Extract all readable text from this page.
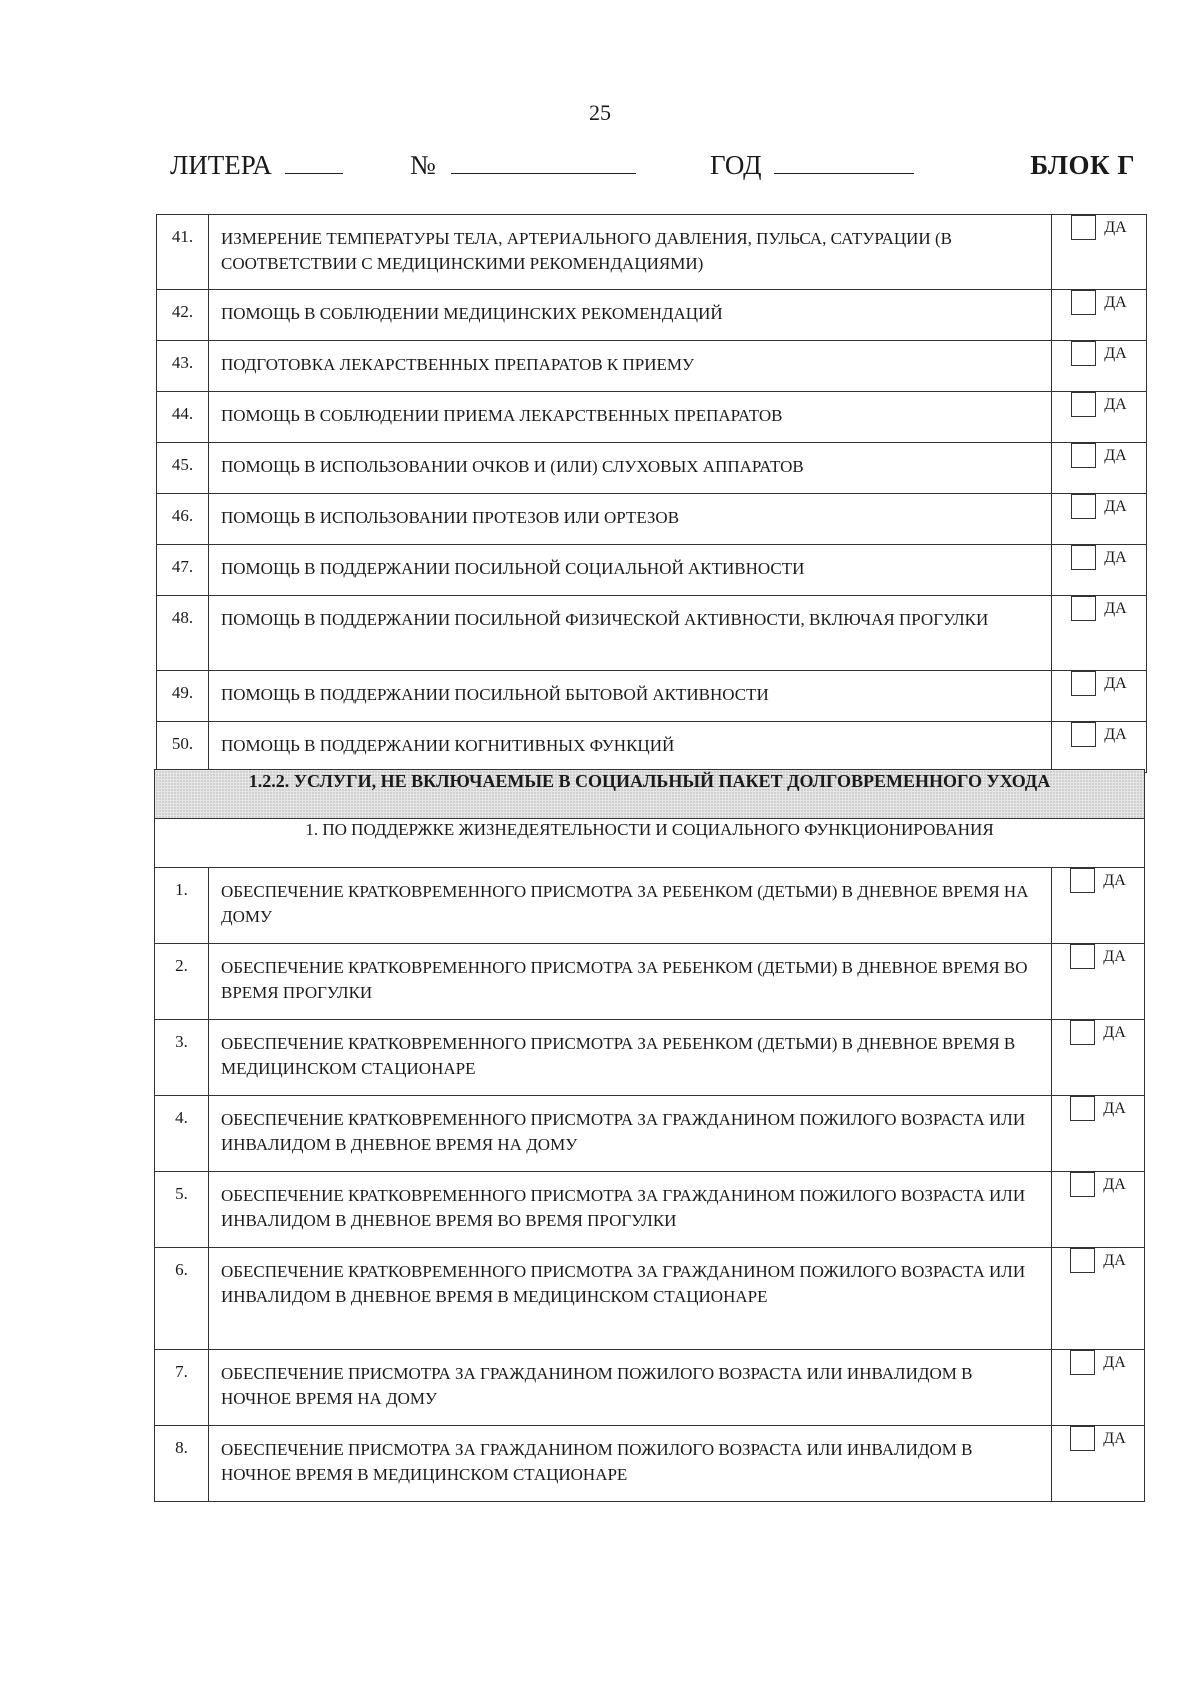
25
ЛИТЕРА	№	ГОД	БЛОК Г
41.	ИЗМЕРЕНИЕ ТЕМПЕРАТУРЫ ТЕЛА, АРТЕРИАЛЬНОГО ДАВЛЕНИЯ, ПУЛЬСА, САТУРАЦИИ (В СООТВЕТСТВИИ С МЕДИЦИНСКИМИ РЕКОМЕНДАЦИЯМИ)	ДА

42.	ПОМОЩЬ В СОБЛЮДЕНИИ МЕДИЦИНСКИХ РЕКОМЕНДАЦИЙ	ДА

43.	ПОДГОТОВКА ЛЕКАРСТВЕННЫХ ПРЕПАРАТОВ К ПРИЕМУ	ДА

44.	ПОМОЩЬ В СОБЛЮДЕНИИ ПРИЕМА ЛЕКАРСТВЕННЫХ ПРЕПАРАТОВ	ДА

45.	ПОМОЩЬ В ИСПОЛЬЗОВАНИИ ОЧКОВ И (ИЛИ) СЛУХОВЫХ АППАРАТОВ	ДА

46.	ПОМОЩЬ В ИСПОЛЬЗОВАНИИ ПРОТЕЗОВ ИЛИ ОРТЕЗОВ	ДА

47.	ПОМОЩЬ В ПОДДЕРЖАНИИ ПОСИЛЬНОЙ СОЦИАЛЬНОЙ АКТИВНОСТИ	ДА

48.	ПОМОЩЬ В ПОДДЕРЖАНИИ ПОСИЛЬНОЙ ФИЗИЧЕСКОЙ АКТИВНОСТИ, ВКЛЮЧАЯ ПРОГУЛКИ	ДА

49.	ПОМОЩЬ В ПОДДЕРЖАНИИ ПОСИЛЬНОЙ БЫТОВОЙ АКТИВНОСТИ	ДА

50.	ПОМОЩЬ В ПОДДЕРЖАНИИ КОГНИТИВНЫХ ФУНКЦИЙ	ДА
1.2.2. УСЛУГИ, НЕ ВКЛЮЧАЕМЫЕ В СОЦИАЛЬНЫЙ ПАКЕТ ДОЛГОВРЕМЕННОГО УХОДА		
1. ПО ПОДДЕРЖКЕ ЖИЗНЕДЕЯТЕЛЬНОСТИ И СОЦИАЛЬНОГО ФУНКЦИОНИРОВАНИЯ		
1.	ОБЕСПЕЧЕНИЕ КРАТКОВРЕМЕННОГО ПРИСМОТРА ЗА РЕБЕНКОМ (ДЕТЬМИ) В ДНЕВНОЕ ВРЕМЯ НА ДОМУ	ДА

2.	ОБЕСПЕЧЕНИЕ КРАТКОВРЕМЕННОГО ПРИСМОТРА ЗА РЕБЕНКОМ (ДЕТЬМИ) В ДНЕВНОЕ ВРЕМЯ ВО ВРЕМЯ ПРОГУЛКИ	ДА

3.	ОБЕСПЕЧЕНИЕ КРАТКОВРЕМЕННОГО ПРИСМОТРА ЗА РЕБЕНКОМ (ДЕТЬМИ) В ДНЕВНОЕ ВРЕМЯ В МЕДИЦИНСКОМ СТАЦИОНАРЕ	ДА

4.	ОБЕСПЕЧЕНИЕ КРАТКОВРЕМЕННОГО ПРИСМОТРА ЗА ГРАЖДАНИНОМ ПОЖИЛОГО ВОЗРАСТА ИЛИ ИНВАЛИДОМ В ДНЕВНОЕ ВРЕМЯ НА ДОМУ	ДА

5.	ОБЕСПЕЧЕНИЕ КРАТКОВРЕМЕННОГО ПРИСМОТРА ЗА ГРАЖДАНИНОМ ПОЖИЛОГО ВОЗРАСТА ИЛИ ИНВАЛИДОМ В ДНЕВНОЕ ВРЕМЯ ВО ВРЕМЯ ПРОГУЛКИ	ДА

6.	ОБЕСПЕЧЕНИЕ КРАТКОВРЕМЕННОГО ПРИСМОТРА ЗА ГРАЖДАНИНОМ ПОЖИЛОГО ВОЗРАСТА ИЛИ ИНВАЛИДОМ В ДНЕВНОЕ ВРЕМЯ В МЕДИЦИНСКОМ СТАЦИОНАРЕ	ДА

7.	ОБЕСПЕЧЕНИЕ ПРИСМОТРА ЗА ГРАЖДАНИНОМ ПОЖИЛОГО ВОЗРАСТА ИЛИ ИНВАЛИДОМ В НОЧНОЕ ВРЕМЯ НА ДОМУ	ДА

8.	ОБЕСПЕЧЕНИЕ ПРИСМОТРА ЗА ГРАЖДАНИНОМ ПОЖИЛОГО ВОЗРАСТА ИЛИ ИНВАЛИДОМ В НОЧНОЕ ВРЕМЯ В МЕДИЦИНСКОМ СТАЦИОНАРЕ	ДА
